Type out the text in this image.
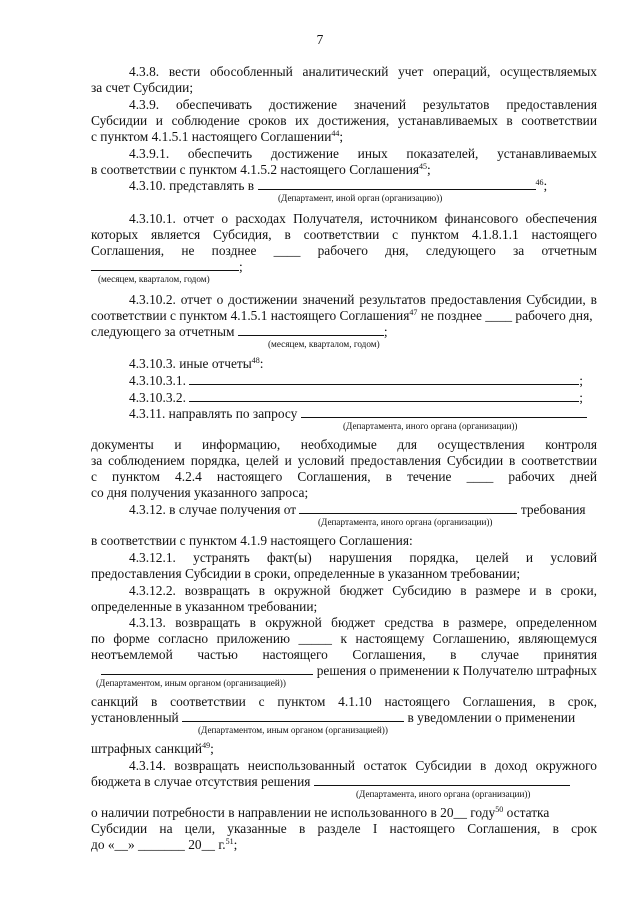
7
4.3.8. вести обособленный аналитический учет операций, осуществляемых
за счет Субсидии;
4.3.9. обеспечивать достижение значений результатов предоставления
Субсидии и соблюдение сроков их достижения, устанавливаемых в соответствии
с пунктом 4.1.5.1 настоящего Соглашении$^{44}$;
4.3.9.1. обеспечить достижение иных показателей, устанавливаемых
в соответствии с пунктом 4.1.5.2 настоящего Соглашения$^{45}$;
4.3.10. представлять в	$^{46}$;
(Департамент, иной орган (организацию))
4.3.10.1. отчет о расходах Получателя, источником финансового обеспечения
которых является Субсидия, в соответствии с пунктом 4.1.8.1.1 настоящего
Соглашения, не позднее ____ рабочего дня, следующего за отчетным
;
(месяцем, кварталом, годом)
4.3.10.2. отчет о достижении значений результатов предоставления Субсидии, в
соответствии с пунктом 4.1.5.1 настоящего Соглашения$^{47}$ не позднее ____ рабочего дня,
следующего за отчетным	;
(месяцем, кварталом, годом)
4.3.10.3. иные отчеты$^{48}$:
4.3.10.3.1.	;
4.3.10.3.2.	;
4.3.11. направлять по запросу
(Департамента, иного органа (организации))
документы и информацию, необходимые для осуществления контроля
за соблюдением порядка, целей и условий предоставления Субсидии в соответствии
с пунктом 4.2.4 настоящего Соглашения, в течение ____ рабочих дней
со дня получения указанного запроса;
4.3.12. в случае получения от	требования
(Департамента, иного органа (организации))
в соответствии с пунктом 4.1.9 настоящего Соглашения:
4.3.12.1. устранять факт(ы) нарушения порядка, целей и условий
предоставления Субсидии в сроки, определенные в указанном требовании;
4.3.12.2. возвращать в окружной бюджет Субсидию в размере и в сроки,
определенные в указанном требовании;
4.3.13. возвращать в окружной бюджет средства в размере, определенном
по форме согласно приложению _____ к настоящему Соглашению, являющемуся
неотъемлемой частью настоящего Соглашения, в случае принятия
решения о применении к Получателю штрафных
(Департаментом, иным органом (организацией))
санкций в соответствии с пунктом 4.1.10 настоящего Соглашения, в срок,
установленный	в уведомлении о применении
(Департаментом, иным органом (организацией))
штрафных санкций$^{49}$;
4.3.14. возвращать неиспользованный остаток Субсидии в доход окружного
бюджета в случае отсутствия решения
(Департамента, иного органа (организации))
о наличии потребности в направлении не использованного в 20__ году$^{50}$ остатка
Субсидии на цели, указанные в разделе I настоящего Соглашения, в срок
до «__» _______ 20__ г.$^{51}$;
